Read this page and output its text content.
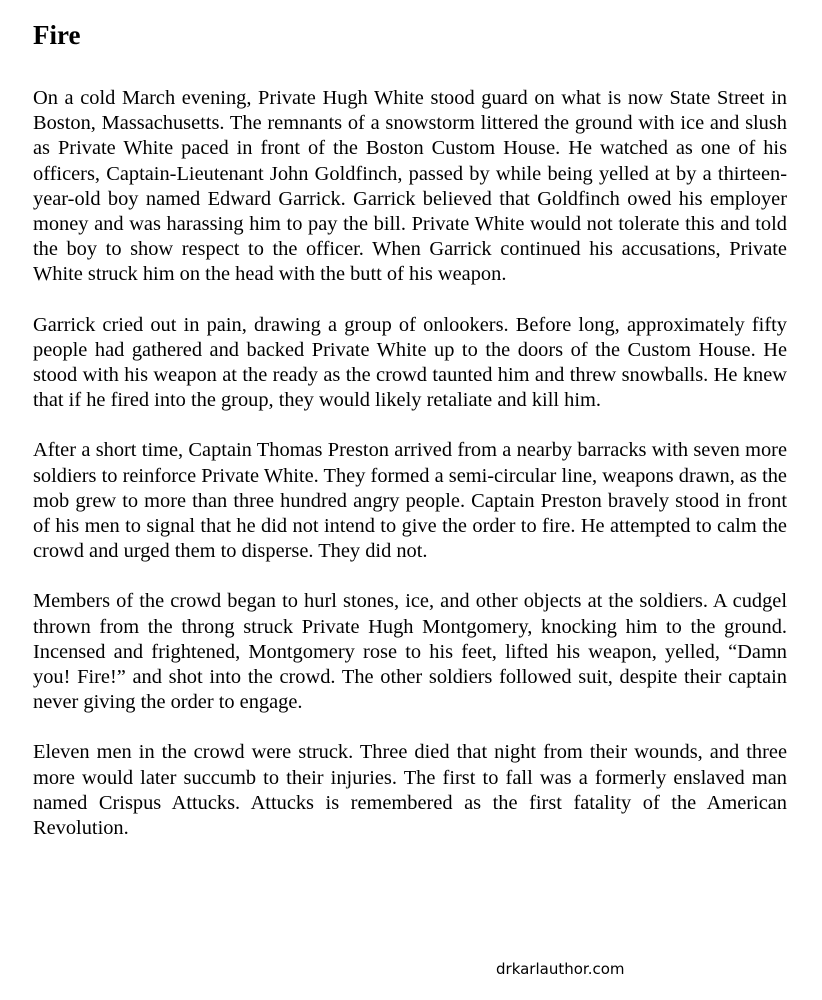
Fire

On a cold March evening, Private Hugh White stood guard on what is now State Street in Boston, Massachusetts. The remnants of a snowstorm littered the ground with ice and slush as Private White paced in front of the Boston Custom House. He watched as one of his officers, Captain-Lieutenant John Goldfinch, passed by while being yelled at by a thirteen-year-old boy named Edward Garrick. Garrick believed that Goldfinch owed his employer money and was harassing him to pay the bill. Private White would not tolerate this and told the boy to show respect to the officer. When Garrick continued his accusations, Private White struck him on the head with the butt of his weapon.

Garrick cried out in pain, drawing a group of onlookers. Before long, approximately fifty people had gathered and backed Private White up to the doors of the Custom House. He stood with his weapon at the ready as the crowd taunted him and threw snowballs. He knew that if he fired into the group, they would likely retaliate and kill him.

After a short time, Captain Thomas Preston arrived from a nearby barracks with seven more soldiers to reinforce Private White. They formed a semi-circular line, weapons drawn, as the mob grew to more than three hundred angry people. Captain Preston bravely stood in front of his men to signal that he did not intend to give the order to fire. He attempted to calm the crowd and urged them to disperse. They did not.

Members of the crowd began to hurl stones, ice, and other objects at the soldiers. A cudgel thrown from the throng struck Private Hugh Montgomery, knocking him to the ground. Incensed and frightened, Montgomery rose to his feet, lifted his weapon, yelled, “Damn you! Fire!” and shot into the crowd. The other soldiers followed suit, despite their captain never giving the order to engage.

Eleven men in the crowd were struck. Three died that night from their wounds, and three more would later succumb to their injuries. The first to fall was a formerly enslaved man named Crispus Attucks. Attucks is remembered as the first fatality of the American Revolution.

drkarlauthor.com
